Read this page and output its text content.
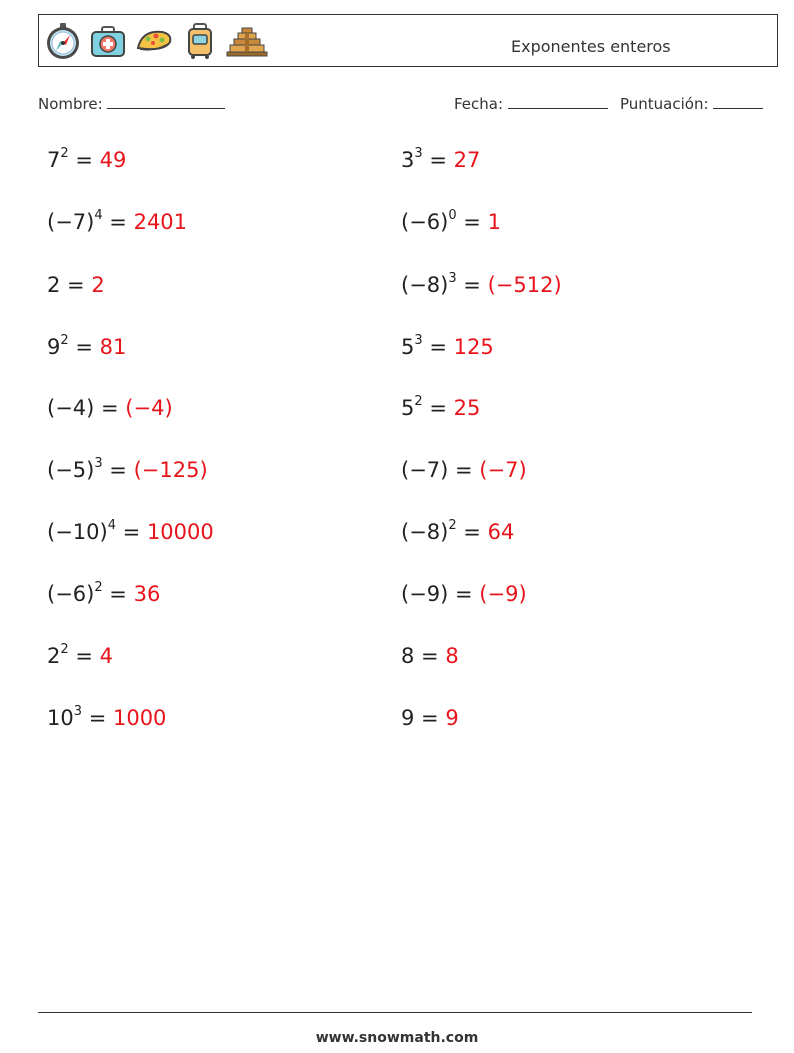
Exponentes enteros
Nombre:	Fecha:	Puntuación:
$7^2 = 49$
$(-7)^4 = 2401$
2 = 2
$9^2 = 81$
(−4) = (−4)
$(-5)^3 = (-125)$
$(-10)^4 = 10000$
$(-6)^2 = 36$
$2^2 = 4$
$10^3 = 1000$
$3^3 = 27$
$(-6)^0 = 1$
$(-8)^3 = (-512)$
$5^3 = 125$
$5^2 = 25$
(−7) = (−7)
$(-8)^2 = 64$
(−9) = (−9)
8 = 8
9 = 9
www.snowmath.com
